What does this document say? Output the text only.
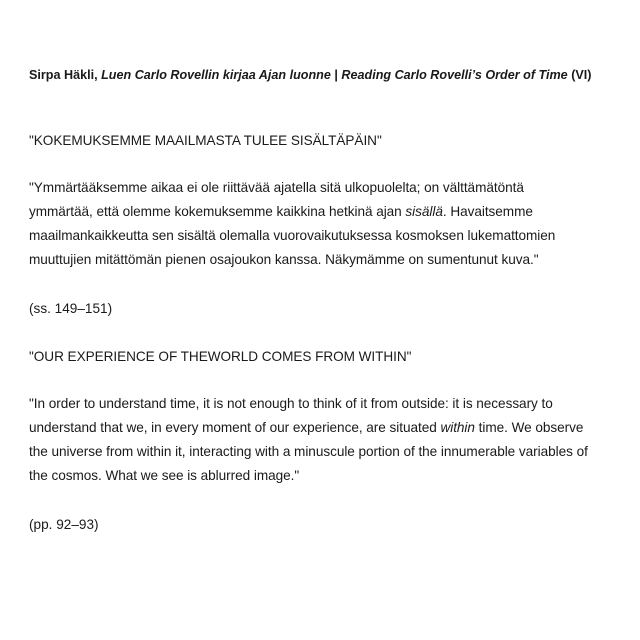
Sirpa Häkli, Luen Carlo Rovellin kirjaa Ajan luonne | Reading Carlo Rovelli’s Order of Time (VI)

"KOKEMUKSEMME MAAILMASTA TULEE SISÄLTÄPÄIN"

"Ymmärtääksemme aikaa ei ole riittävää ajatella sitä ulkopuolelta; on välttämätöntä

ymmärtää, että olemme kokemuksemme kaikkina hetkinä ajan sisällä. Havaitsemme

maailmankaikkeutta sen sisältä olemalla vuorovaikutuksessa kosmoksen lukemattomien

muuttujien mitättömän pienen osajoukon kanssa. Näkymämme on sumentunut kuva."

(ss. 149–151)

"OUR EXPERIENCE OF THEWORLD COMES FROM WITHIN"

"In order to understand time, it is not enough to think of it from outside: it is necessary to

understand that we, in every moment of our experience, are situated within time. We observe

the universe from within it, interacting with a minuscule portion of the innumerable variables of

the cosmos. What we see is ablurred image."

(pp. 92–93)
